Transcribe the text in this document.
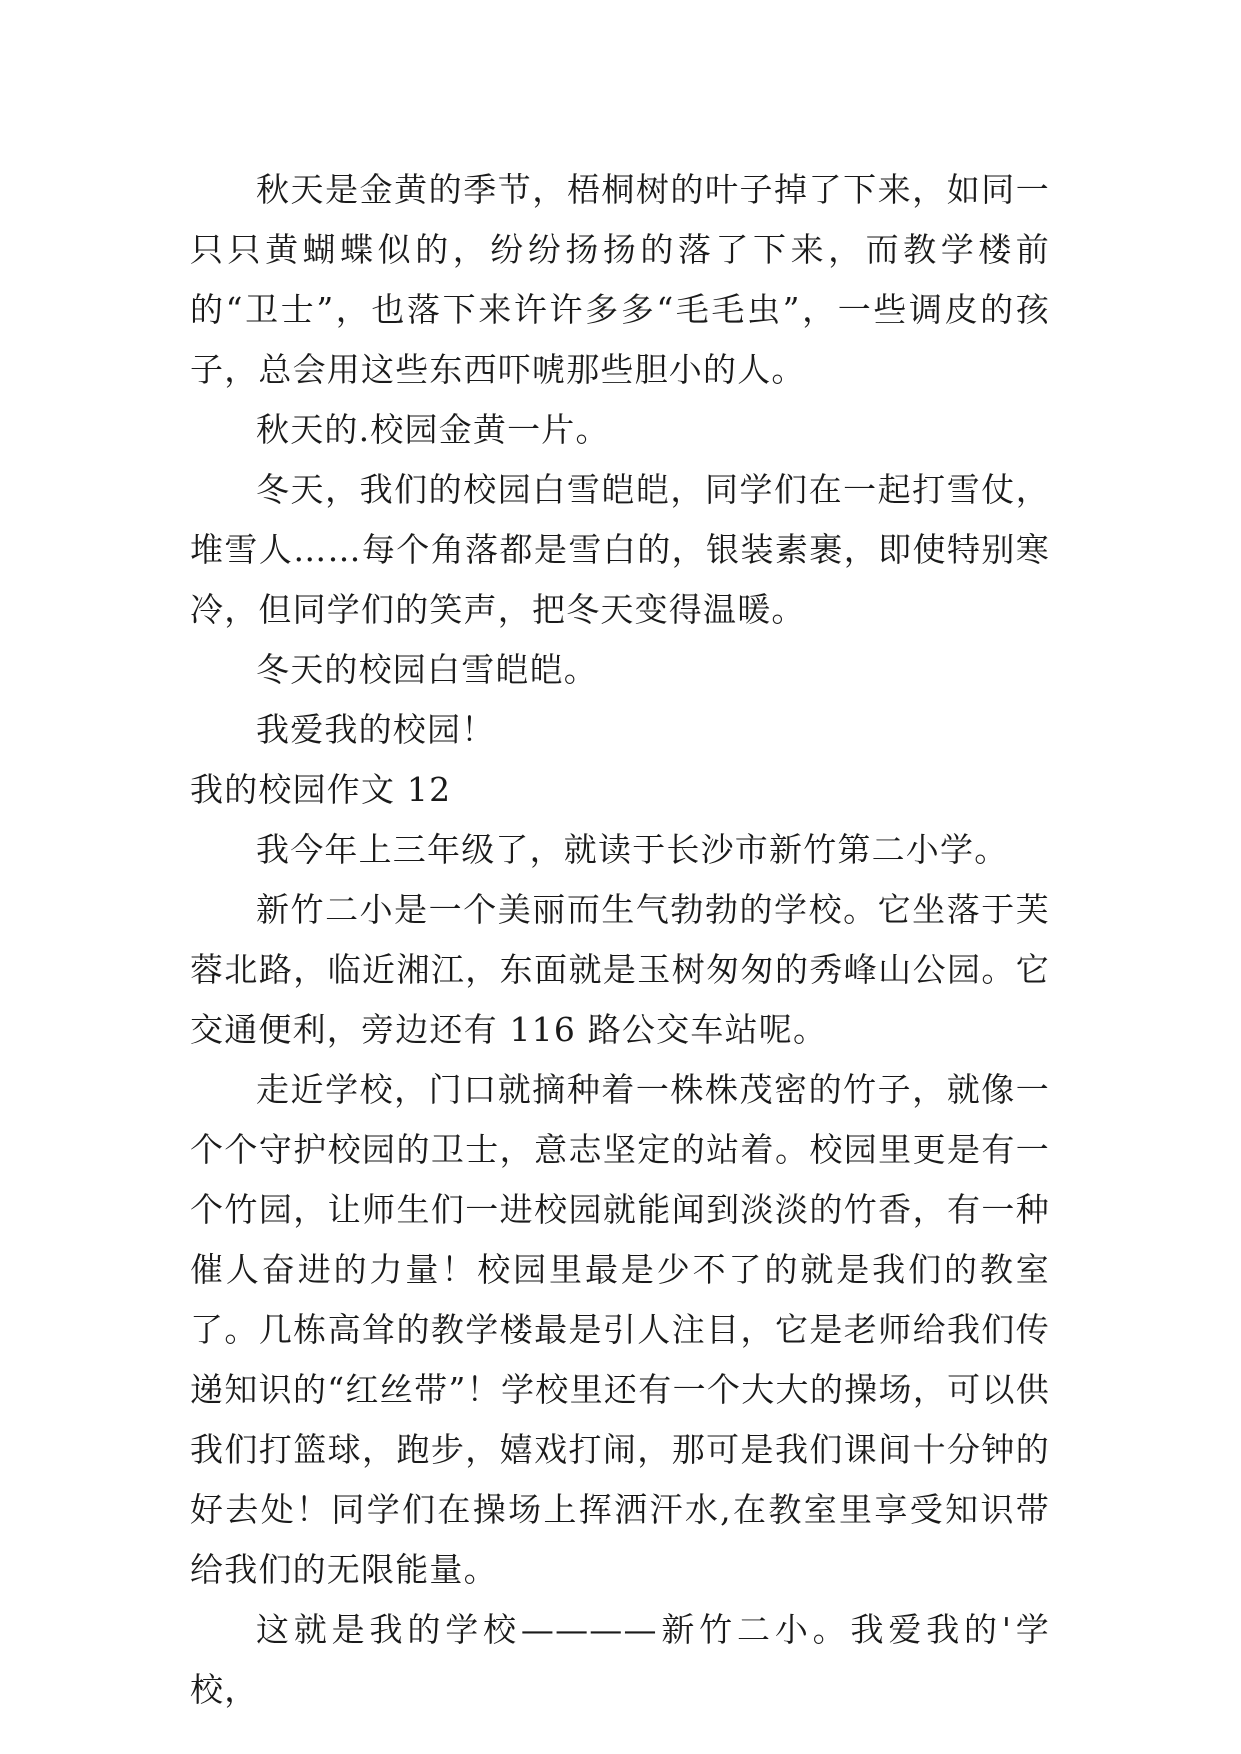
秋天是金黄的季节，梧桐树的叶子掉了下来，如同一只只黄蝴蝶似的，纷纷扬扬的落了下来，而教学楼前的“卫士”，也落下来许许多多“毛毛虫”，一些调皮的孩子，总会用这些东西吓唬那些胆小的人。

秋天的.校园金黄一片。

冬天，我们的校园白雪皑皑，同学们在一起打雪仗，堆雪人……每个角落都是雪白的，银装素裹，即使特别寒冷，但同学们的笑声，把冬天变得温暖。

冬天的校园白雪皑皑。

我爱我的校园！

我的校园作文 12

我今年上三年级了，就读于长沙市新竹第二小学。

新竹二小是一个美丽而生气勃勃的学校。它坐落于芙蓉北路，临近湘江，东面就是玉树匆匆的秀峰山公园。它交通便利，旁边还有 116 路公交车站呢。

走近学校，门口就摘种着一株株茂密的竹子，就像一个个守护校园的卫士，意志坚定的站着。校园里更是有一个竹园，让师生们一进校园就能闻到淡淡的竹香，有一种催人奋进的力量！校园里最是少不了的就是我们的教室了。几栋高耸的教学楼最是引人注目，它是老师给我们传递知识的“红丝带”！学校里还有一个大大的操场，可以供我们打篮球，跑步，嬉戏打闹，那可是我们课间十分钟的好去处！同学们在操场上挥洒汗水,在教室里享受知识带给我们的无限能量。

这就是我的学校————新竹二小。我爱我的'学校，
